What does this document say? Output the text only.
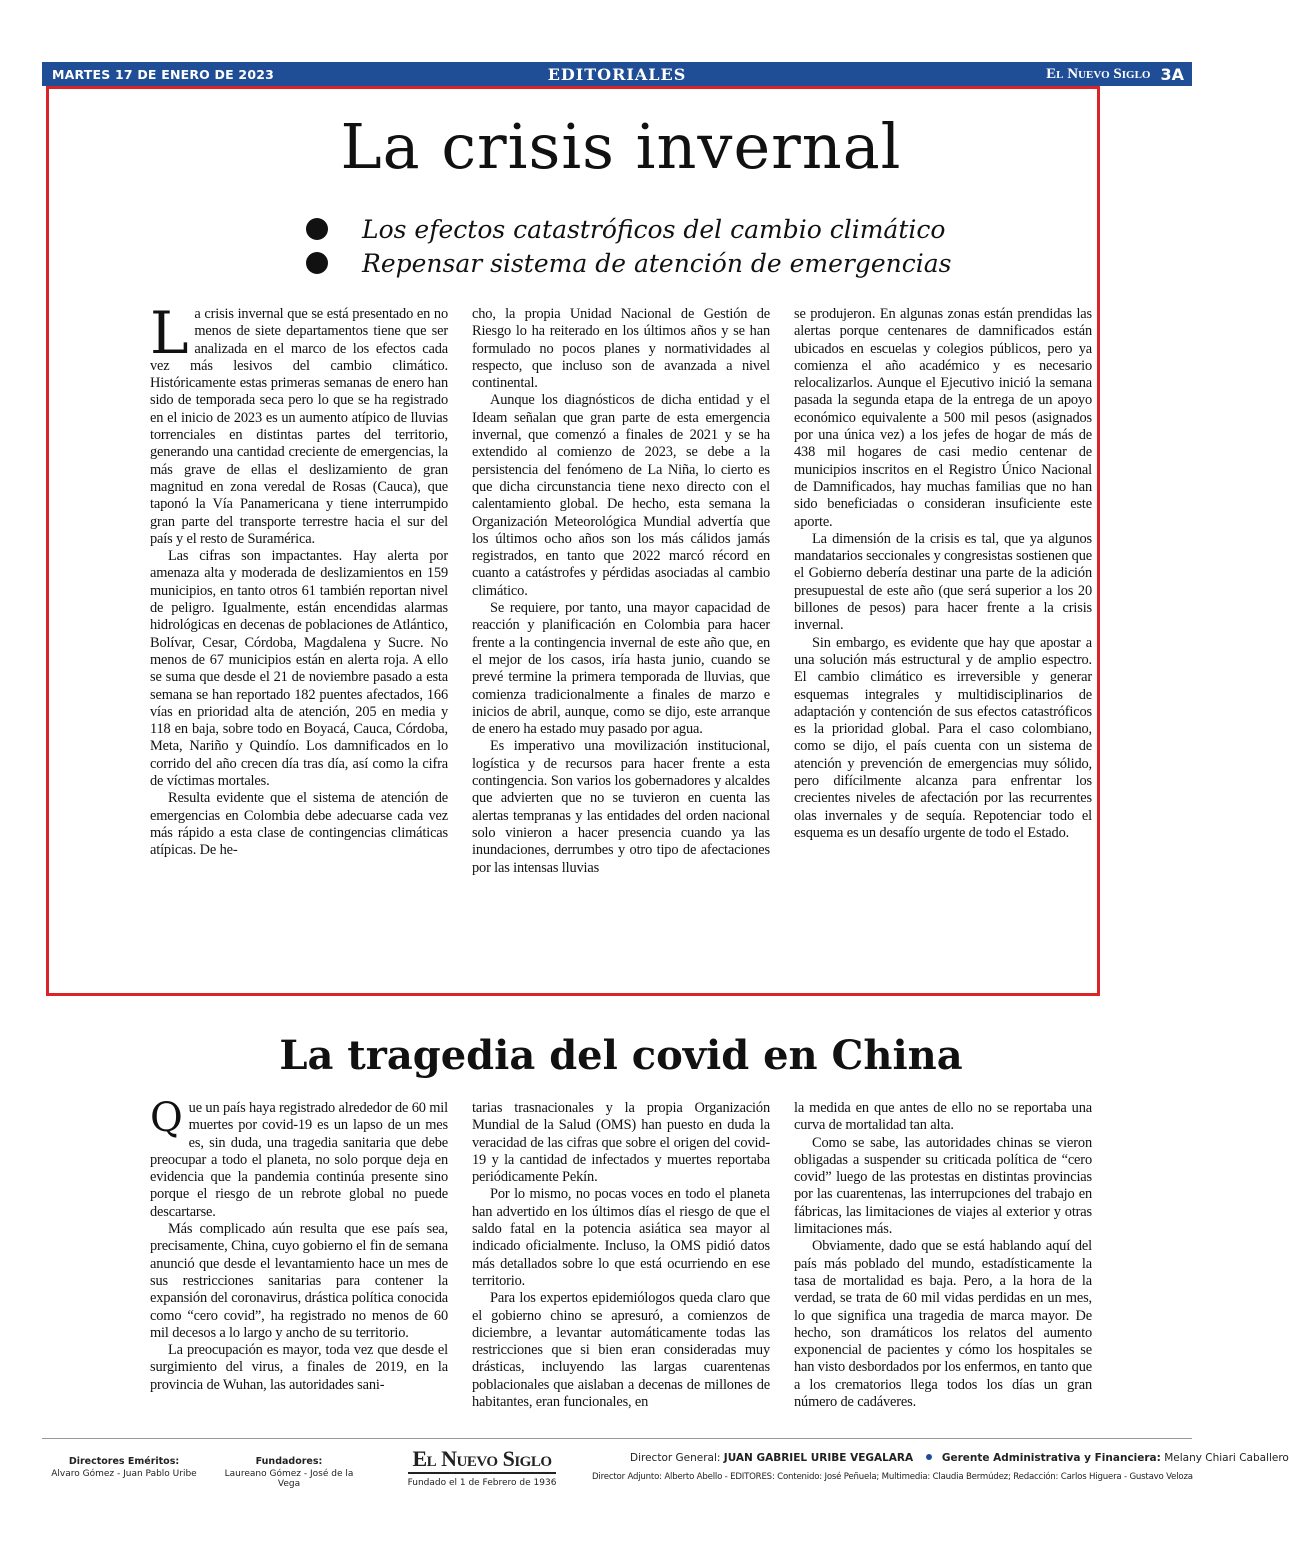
MARTES 17 DE ENERO DE 2023	EDITORIALES	El Nuevo Siglo 3A
La crisis invernal
Los efectos catastróficos del cambio climático
Repensar sistema de atención de emergencias

La crisis invernal que se está presentado en no menos de siete departamentos tiene que ser analizada en el marco de los efectos cada vez más lesivos del cambio climático. Históricamente estas primeras semanas de enero han sido de temporada seca pero lo que se ha registrado en el inicio de 2023 es un aumento atípico de lluvias torrenciales en distintas partes del territorio, generando una cantidad creciente de emergencias, la más grave de ellas el deslizamiento de gran magnitud en zona veredal de Rosas (Cauca), que taponó la Vía Panamericana y tiene interrumpido gran parte del transporte terrestre hacia el sur del país y el resto de Suramérica.

Las cifras son impactantes. Hay alerta por amenaza alta y moderada de deslizamientos en 159 municipios, en tanto otros 61 también reportan nivel de peligro. Igualmente, están encendidas alarmas hidrológicas en decenas de poblaciones de Atlántico, Bolívar, Cesar, Córdoba, Magdalena y Sucre. No menos de 67 municipios están en alerta roja. A ello se suma que desde el 21 de noviembre pasado a esta semana se han reportado 182 puentes afectados, 166 vías en prioridad alta de atención, 205 en media y 118 en baja, sobre todo en Boyacá, Cauca, Córdoba, Meta, Nariño y Quindío. Los damnificados en lo corrido del año crecen día tras día, así como la cifra de víctimas mortales.

Resulta evidente que el sistema de atención de emergencias en Colombia debe adecuarse cada vez más rápido a esta clase de contingencias climáticas atípicas. De he-

cho, la propia Unidad Nacional de Gestión de Riesgo lo ha reiterado en los últimos años y se han formulado no pocos planes y normatividades al respecto, que incluso son de avanzada a nivel continental.

Aunque los diagnósticos de dicha entidad y el Ideam señalan que gran parte de esta emergencia invernal, que comenzó a finales de 2021 y se ha extendido al comienzo de 2023, se debe a la persistencia del fenómeno de La Niña, lo cierto es que dicha circunstancia tiene nexo directo con el calentamiento global. De hecho, esta semana la Organización Meteorológica Mundial advertía que los últimos ocho años son los más cálidos jamás registrados, en tanto que 2022 marcó récord en cuanto a catástrofes y pérdidas asociadas al cambio climático.

Se requiere, por tanto, una mayor capacidad de reacción y planificación en Colombia para hacer frente a la contingencia invernal de este año que, en el mejor de los casos, iría hasta junio, cuando se prevé termine la primera temporada de lluvias, que comienza tradicionalmente a finales de marzo e inicios de abril, aunque, como se dijo, este arranque de enero ha estado muy pasado por agua.

Es imperativo una movilización institucional, logística y de recursos para hacer frente a esta contingencia. Son varios los gobernadores y alcaldes que advierten que no se tuvieron en cuenta las alertas tempranas y las entidades del orden nacional solo vinieron a hacer presencia cuando ya las inundaciones, derrumbes y otro tipo de afectaciones por las intensas lluvias

se produjeron. En algunas zonas están prendidas las alertas porque centenares de damnificados están ubicados en escuelas y colegios públicos, pero ya comienza el año académico y es necesario relocalizarlos. Aunque el Ejecutivo inició la semana pasada la segunda etapa de la entrega de un apoyo económico equivalente a 500 mil pesos (asignados por una única vez) a los jefes de hogar de más de 438 mil hogares de casi medio centenar de municipios inscritos en el Registro Único Nacional de Damnificados, hay muchas familias que no han sido beneficiadas o consideran insuficiente este aporte.

La dimensión de la crisis es tal, que ya algunos mandatarios seccionales y congresistas sostienen que el Gobierno debería destinar una parte de la adición presupuestal de este año (que será superior a los 20 billones de pesos) para hacer frente a la crisis invernal.

Sin embargo, es evidente que hay que apostar a una solución más estructural y de amplio espectro. El cambio climático es irreversible y generar esquemas integrales y multidisciplinarios de adaptación y contención de sus efectos catastróficos es la prioridad global. Para el caso colombiano, como se dijo, el país cuenta con un sistema de atención y prevención de emergencias muy sólido, pero difícilmente alcanza para enfrentar los crecientes niveles de afectación por las recurrentes olas invernales y de sequía. Repotenciar todo el esquema es un desafío urgente de todo el Estado.

La tragedia del covid en China

Que un país haya registrado alrededor de 60 mil muertes por covid-19 es un lapso de un mes es, sin duda, una tragedia sanitaria que debe preocupar a todo el planeta, no solo porque deja en evidencia que la pandemia continúa presente sino porque el riesgo de un rebrote global no puede descartarse.

Más complicado aún resulta que ese país sea, precisamente, China, cuyo gobierno el fin de semana anunció que desde el levantamiento hace un mes de sus restricciones sanitarias para contener la expansión del coronavirus, drástica política conocida como “cero covid”, ha registrado no menos de 60 mil decesos a lo largo y ancho de su territorio.

La preocupación es mayor, toda vez que desde el surgimiento del virus, a finales de 2019, en la provincia de Wuhan, las autoridades sani-

tarias trasnacionales y la propia Organización Mundial de la Salud (OMS) han puesto en duda la veracidad de las cifras que sobre el origen del covid-19 y la cantidad de infectados y muertes reportaba periódicamente Pekín.

Por lo mismo, no pocas voces en todo el planeta han advertido en los últimos días el riesgo de que el saldo fatal en la potencia asiática sea mayor al indicado oficialmente. Incluso, la OMS pidió datos más detallados sobre lo que está ocurriendo en ese territorio.

Para los expertos epidemiólogos queda claro que el gobierno chino se apresuró, a comienzos de diciembre, a levantar automáticamente todas las restricciones que si bien eran consideradas muy drásticas, incluyendo las largas cuarentenas poblacionales que aislaban a decenas de millones de habitantes, eran funcionales, en

la medida en que antes de ello no se reportaba una curva de mortalidad tan alta.

Como se sabe, las autoridades chinas se vieron obligadas a suspender su criticada política de “cero covid” luego de las protestas en distintas provincias por las cuarentenas, las interrupciones del trabajo en fábricas, las limitaciones de viajes al exterior y otras limitaciones más.

Obviamente, dado que se está hablando aquí del país más poblado del mundo, estadísticamente la tasa de mortalidad es baja. Pero, a la hora de la verdad, se trata de 60 mil vidas perdidas en un mes, lo que significa una tragedia de marca mayor. De hecho, son dramáticos los relatos del aumento exponencial de pacientes y cómo los hospitales se han visto desbordados por los enfermos, en tanto que a los crematorios llega todos los días un gran número de cadáveres.

Directores Eméritos:
Alvaro Gómez - Juan Pablo Uribe
Fundadores:
Laureano Gómez - José de la Vega
El Nuevo Siglo
Fundado el 1 de Febrero de 1936
Director General: JUAN GABRIEL URIBE VEGALARA	Gerente Administrativa y Financiera: Melany Chiari Caballero
Director Adjunto: Alberto Abello - EDITORES: Contenido: José Peñuela; Multimedia: Claudia Bermúdez; Redacción: Carlos Higuera - Gustavo Veloza
